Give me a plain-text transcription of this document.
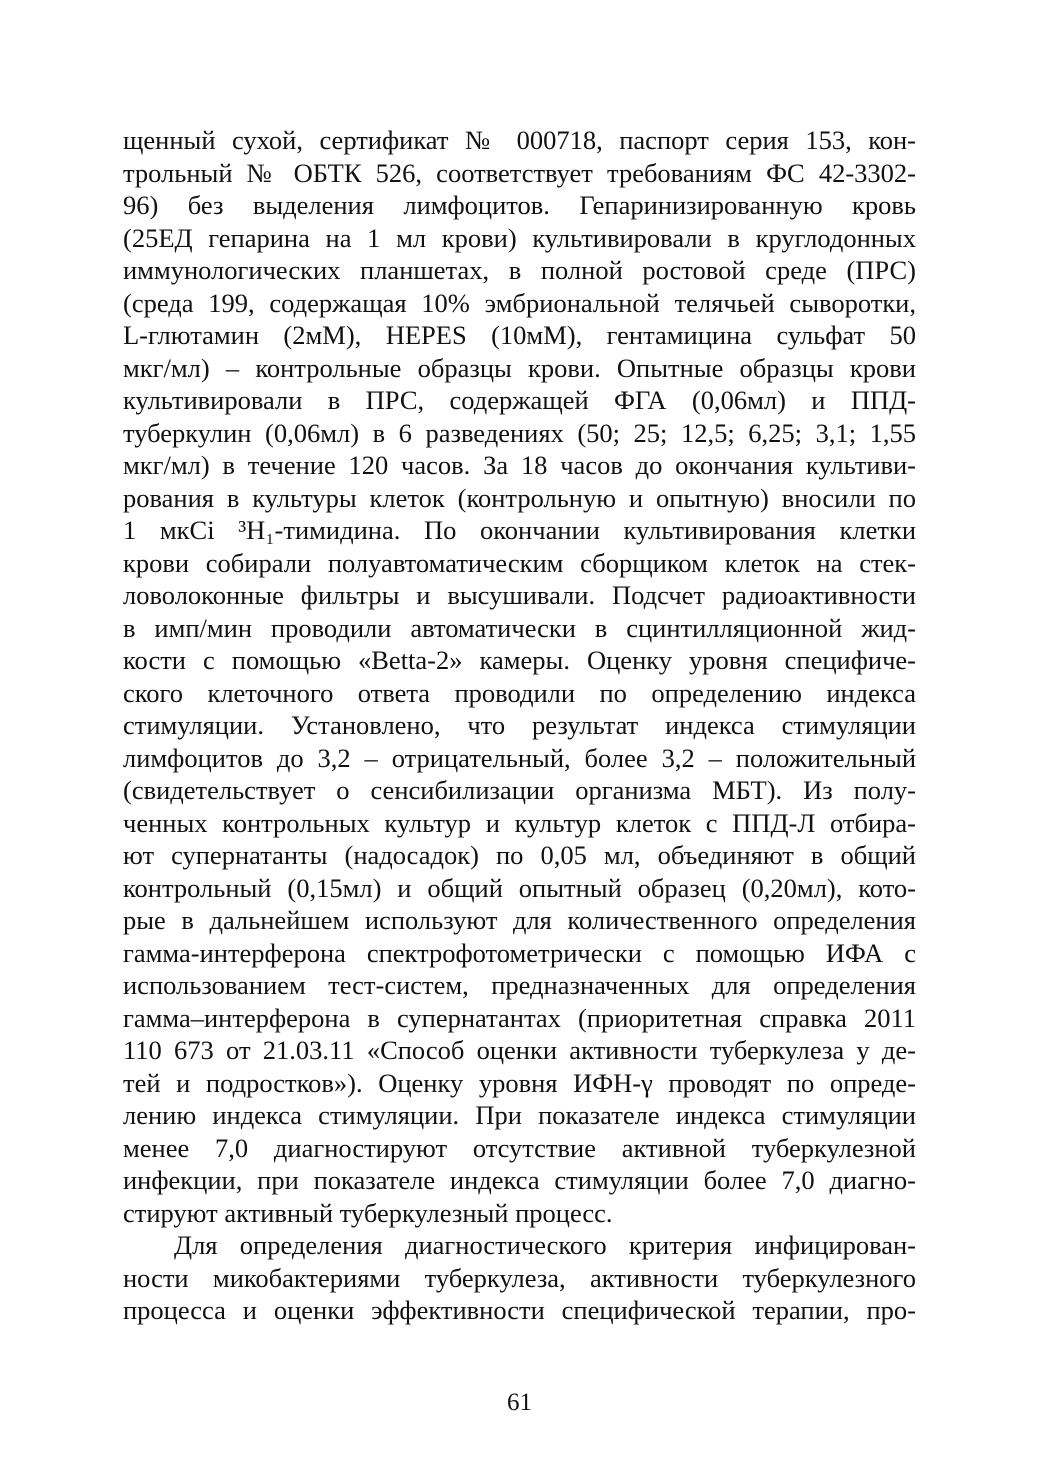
щенный сухой, сертификат № 000718, паспорт серия 153, кон-
трольный № ОБТК 526, соответствует требованиям ФС 42-3302-
96) без выделения лимфоцитов. Гепаринизированную кровь
(25ЕД гепарина на 1 мл крови) культивировали в круглодонных
иммунологических планшетах, в полной ростовой среде (ПРС)
(среда 199, содержащая 10% эмбриональной телячьей сыворотки,
L-глютамин (2мМ), HEPES (10мМ), гентамицина сульфат 50
мкг/мл) – контрольные образцы крови. Опытные образцы крови
культивировали в ПРС, содержащей ФГА (0,06мл) и ППД-
туберкулин (0,06мл) в 6 разведениях (50; 25; 12,5; 6,25; 3,1; 1,55
мкг/мл) в течение 120 часов. За 18 часов до окончания культиви-
рования в культуры клеток (контрольную и опытную) вносили по
1 мкCi ³H₁-тимидина. По окончании культивирования клетки
крови собирали полуавтоматическим сборщиком клеток на стек-
ловолоконные фильтры и высушивали. Подсчет радиоактивности
в имп/мин проводили автоматически в сцинтилляционной жид-
кости с помощью «Betta-2» камеры. Оценку уровня специфиче-
ского клеточного ответа проводили по определению индекса
стимуляции. Установлено, что результат индекса стимуляции
лимфоцитов до 3,2 – отрицательный, более 3,2 – положительный
(свидетельствует о сенсибилизации организма МБТ). Из полу-
ченных контрольных культур и культур клеток с ППД-Л отбира-
ют супернатанты (надосадок) по 0,05 мл, объединяют в общий
контрольный (0,15мл) и общий опытный образец (0,20мл), кото-
рые в дальнейшем используют для количественного определения
гамма-интерферона спектрофотометрически с помощью ИФА с
использованием тест-систем, предназначенных для определения
гамма–интерферона в супернатантах (приоритетная справка 2011
110 673 от 21.03.11 «Способ оценки активности туберкулеза у де-
тей и подростков»). Оценку уровня ИФН-γ проводят по опреде-
лению индекса стимуляции. При показателе индекса стимуляции
менее 7,0 диагностируют отсутствие активной туберкулезной
инфекции, при показателе индекса стимуляции более 7,0 диагно-
стируют активный туберкулезный процесс.
Для определения диагностического критерия инфицирован-
ности микобактериями туберкулеза, активности туберкулезного
процесса и оценки эффективности специфической терапии, про-
61
